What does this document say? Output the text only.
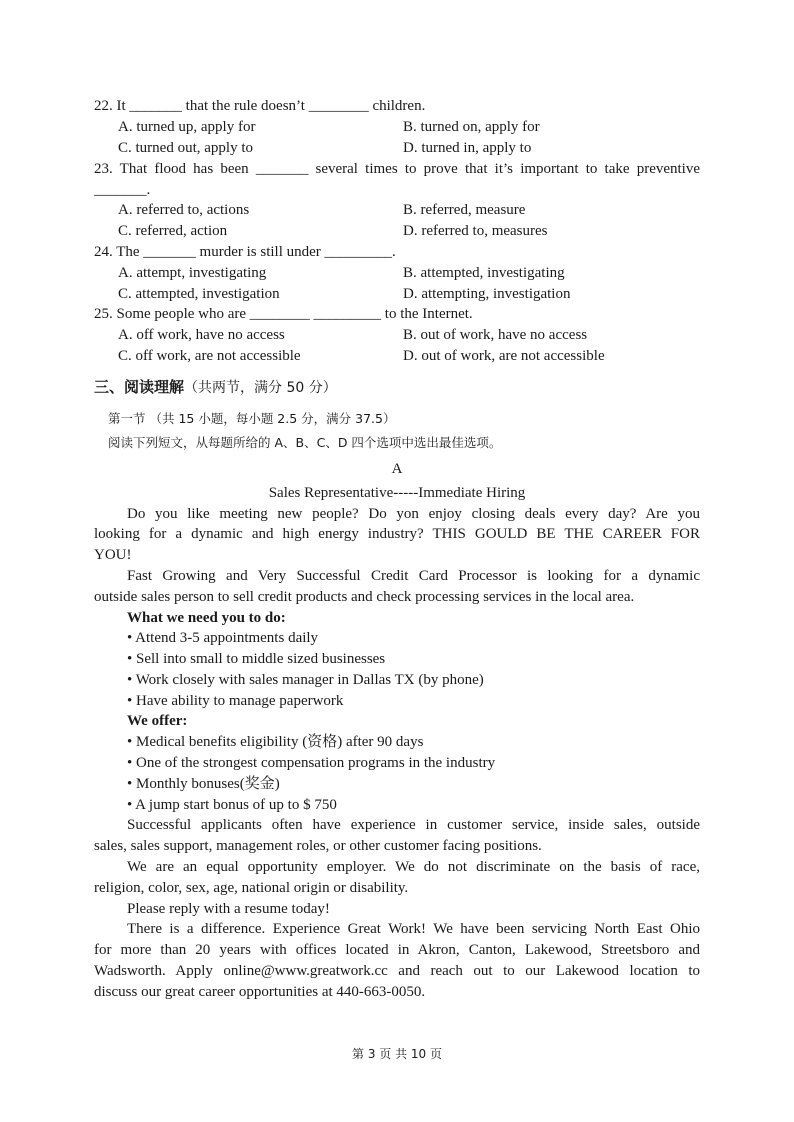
22. It _______ that the rule doesn’t ________ children.
A. turned up, apply for	B. turned on, apply for
C. turned out, apply to	D. turned in, apply to
23. That flood has been _______ several times to prove that it’s important to take preventive
_______.
A. referred to, actions	B. referred, measure
C. referred, action	D. referred to, measures
24. The _______ murder is still under _________.
A. attempt, investigating	B. attempted, investigating
C. attempted, investigation	D. attempting, investigation
25. Some people who are ________ _________ to the Internet.
A. off work, have no access	B. out of work, have no access
C. off work, are not accessible	D. out of work, are not accessible
三、阅读理解（共两节，满分 50 分）
第一节 （共 15 小题，每小题 2.5 分，满分 37.5）
阅读下列短文，从每题所给的 A、B、C、D 四个选项中选出最佳选项。
A
Sales Representative-----Immediate Hiring
Do you like meeting new people? Do yon enjoy closing deals every day? Are you
looking for a dynamic and high energy industry? THIS GOULD BE THE CAREER FOR
YOU!
Fast Growing and Very Successful Credit Card Processor is looking for a dynamic
outside sales person to sell credit products and check processing services in the local area.
What we need you to do:
• Attend 3-5 appointments daily
• Sell into small to middle sized businesses
• Work closely with sales manager in Dallas TX (by phone)
• Have ability to manage paperwork
We offer:
• Medical benefits eligibility (资格) after 90 days
• One of the strongest compensation programs in the industry
• Monthly bonuses(奖金)
• A jump start bonus of up to $ 750
Successful applicants often have experience in customer service, inside sales, outside
sales, sales support, management roles, or other customer facing positions.
We are an equal opportunity employer. We do not discriminate on the basis of race,
religion, color, sex, age, national origin or disability.
Please reply with a resume today!
There is a difference. Experience Great Work! We have been servicing North East Ohio
for more than 20 years with offices located in Akron, Canton, Lakewood, Streetsboro and
Wadsworth. Apply online@www.greatwork.cc and reach out to our Lakewood location to
discuss our great career opportunities at 440-663-0050.
第 3 页 共 10 页
